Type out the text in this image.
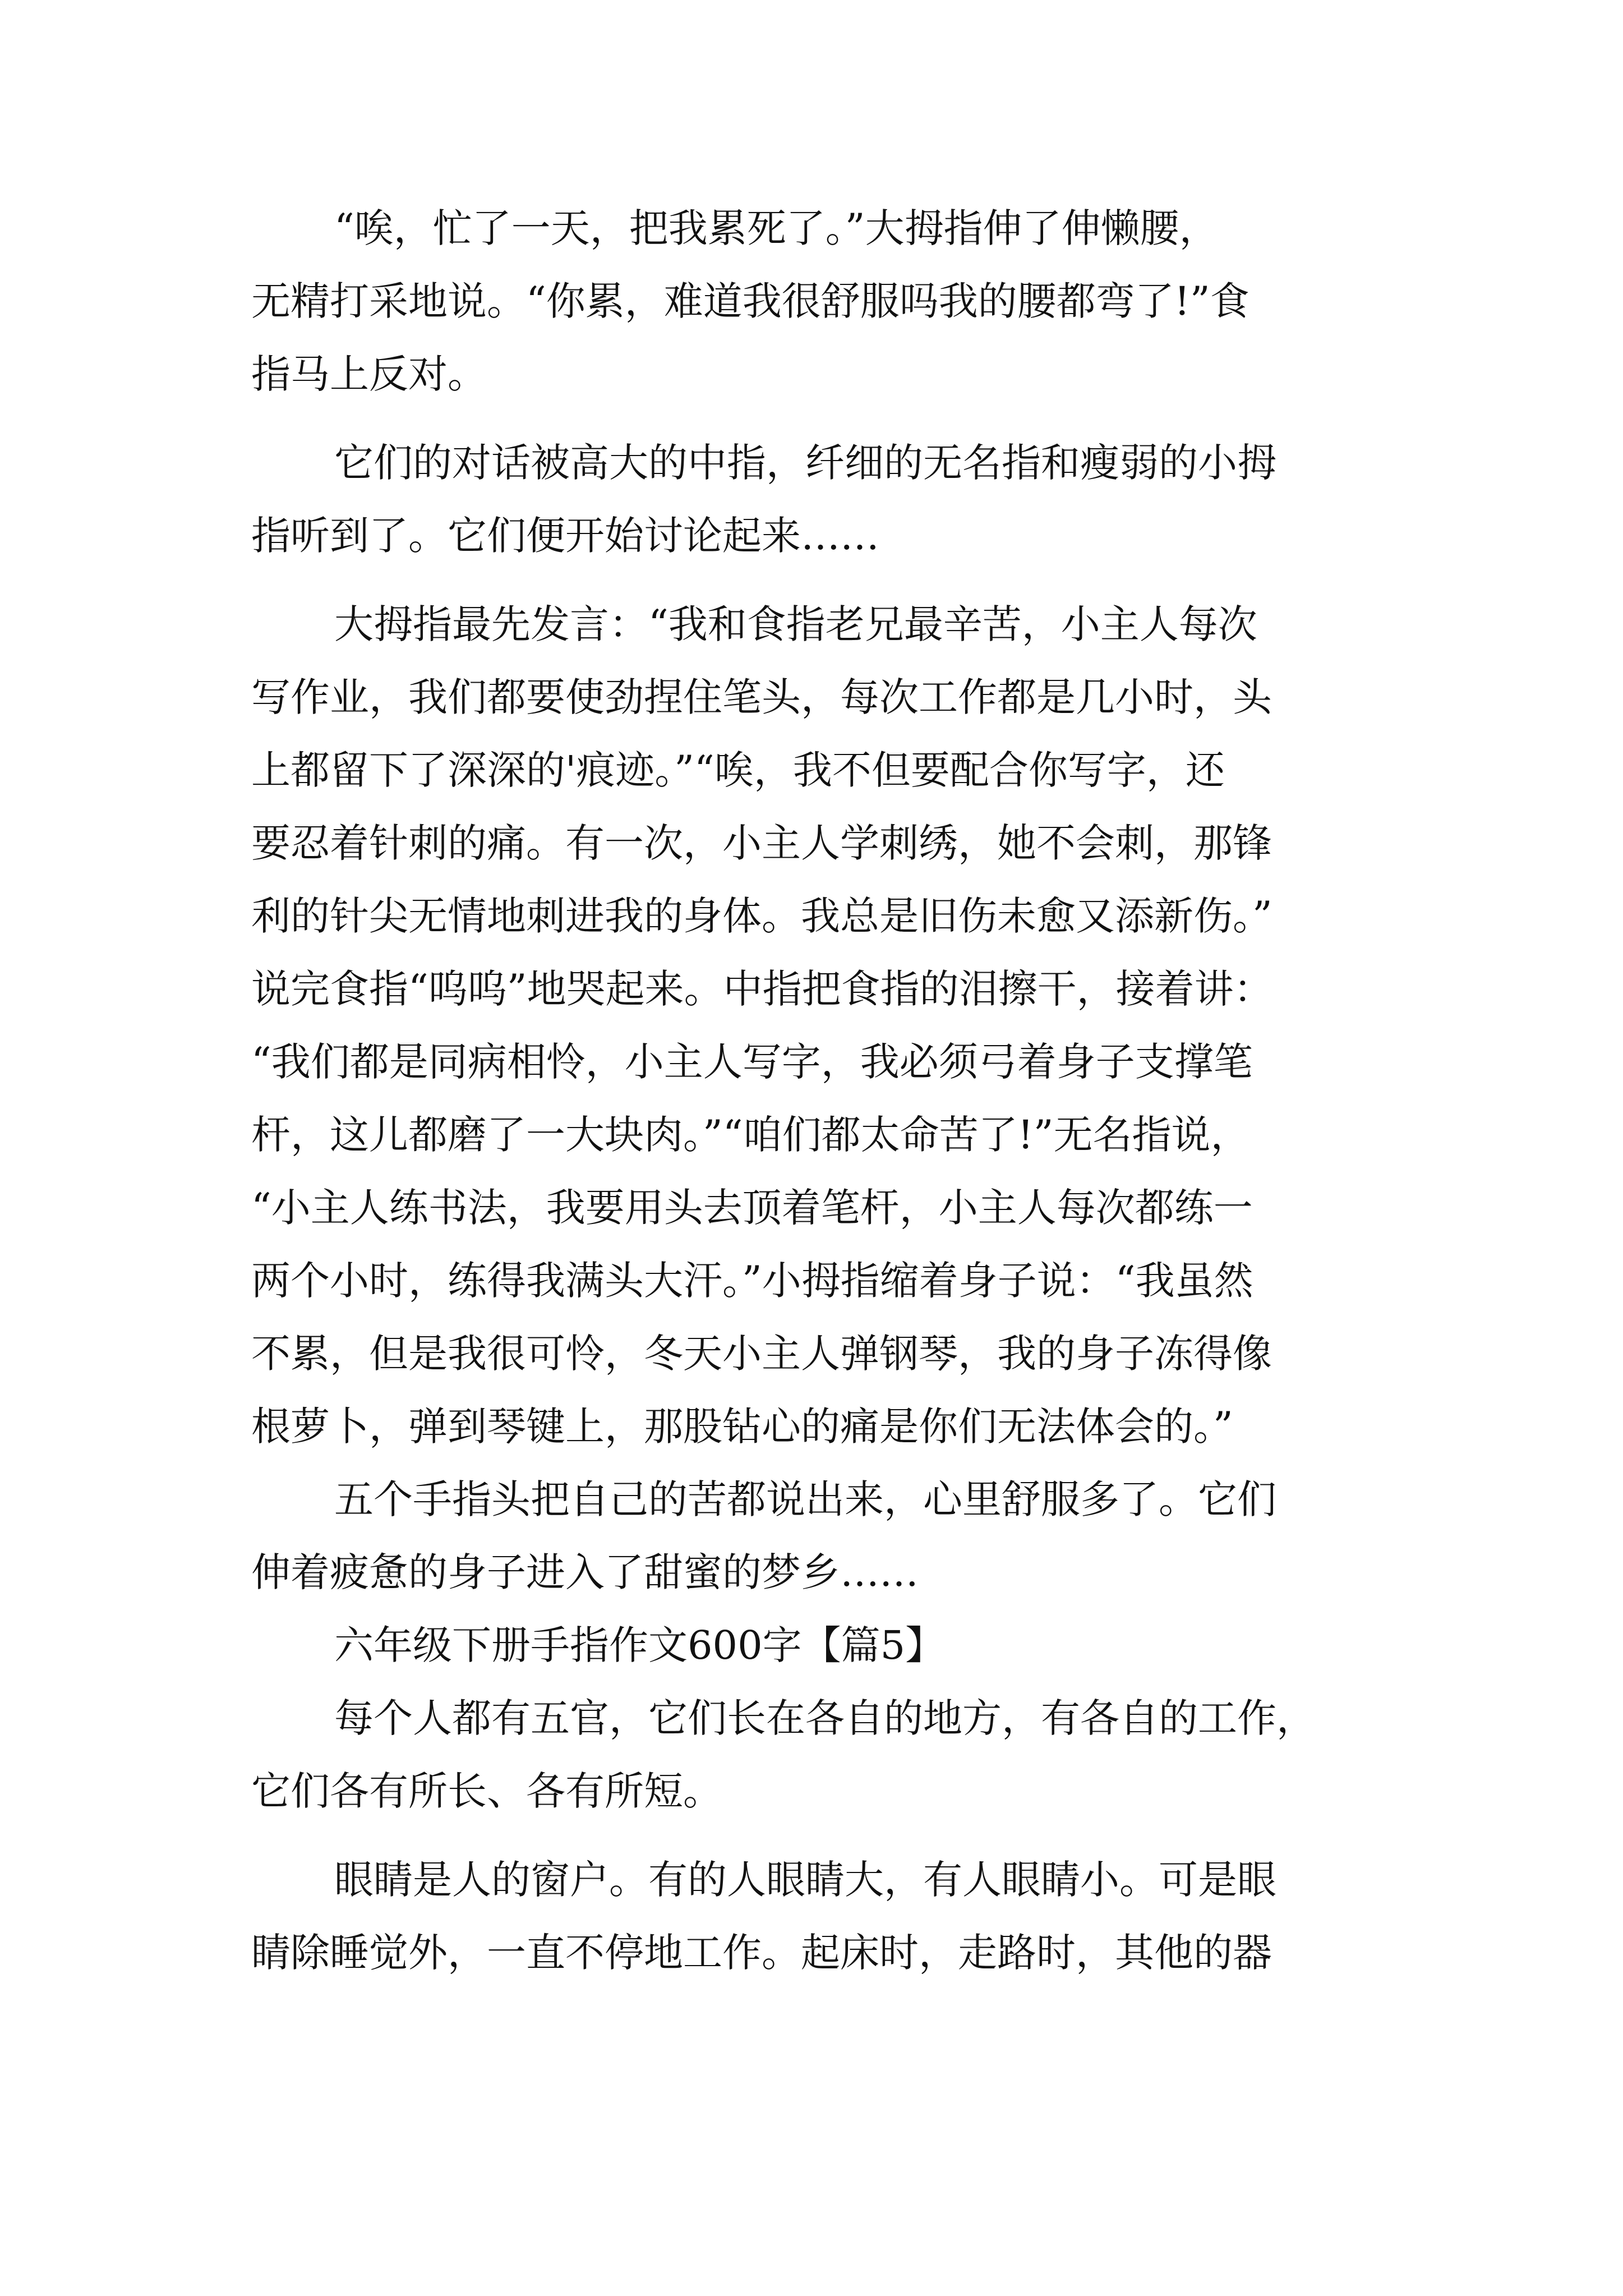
“唉，忙了一天，把我累死了。”大拇指伸了伸懒腰，
无精打采地说。“你累，难道我很舒服吗我的腰都弯了!”食
指马上反对。
它们的对话被高大的中指，纤细的无名指和瘦弱的小拇
指听到了。它们便开始讨论起来……
大拇指最先发言：“我和食指老兄最辛苦，小主人每次
写作业，我们都要使劲捏住笔头，每次工作都是几小时，头
上都留下了深深的'痕迹。”“唉，我不但要配合你写字，还
要忍着针刺的痛。有一次，小主人学刺绣，她不会刺，那锋
利的针尖无情地刺进我的身体。我总是旧伤未愈又添新伤。”
说完食指“呜呜”地哭起来。中指把食指的泪擦干，接着讲：
“我们都是同病相怜，小主人写字，我必须弓着身子支撑笔
杆，这儿都磨了一大块肉。”“咱们都太命苦了!”无名指说，
“小主人练书法，我要用头去顶着笔杆，小主人每次都练一
两个小时，练得我满头大汗。”小拇指缩着身子说：“我虽然
不累，但是我很可怜，冬天小主人弹钢琴，我的身子冻得像
根萝卜，弹到琴键上，那股钻心的痛是你们无法体会的。”
五个手指头把自己的苦都说出来，心里舒服多了。它们
伸着疲惫的身子进入了甜蜜的梦乡……
六年级下册手指作文600字【篇5】
每个人都有五官，它们长在各自的地方，有各自的工作，
它们各有所长、各有所短。
眼睛是人的窗户。有的人眼睛大，有人眼睛小。可是眼
睛除睡觉外，一直不停地工作。起床时，走路时，其他的器
